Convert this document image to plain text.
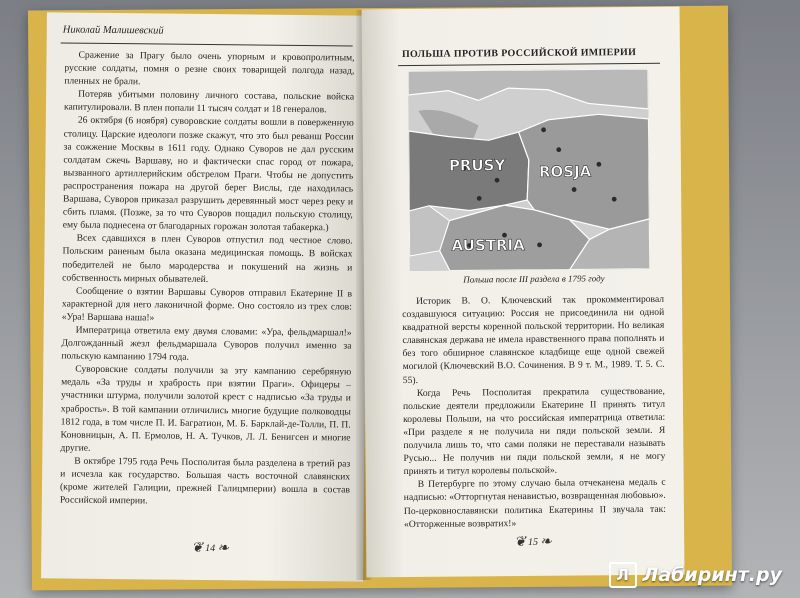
Николай Малишевский

Сражение за Прагу было очень упорным и кровопролитным, русские солдаты, помня о резне своих товарищей полгода назад, пленных не брали.

Потеряв убитыми половину личного состава, польские войска капитулировали. В плен попали 11 тысяч солдат и 18 генералов.

26 октября (6 ноября) суворовские солдаты вошли в поверженную столицу. Царские идеологи позже скажут, что это был реванш России за сожжение Москвы в 1611 году. Однако Суворов не дал русским солдатам сжечь Варшаву, но и фактически спас город от пожара, вызванного артиллерийским обстрелом Праги. Чтобы не допустить распространения пожара на другой берег Вислы, где находилась Варшава, Суворов приказал разрушить деревянный мост через реку и сбить пламя. (Позже, за то что Суворов пощадил польскую столицу, ему была поднесена от благодарных горожан золотая табакерка.)

Всех сдавшихся в плен Суворов отпустил под честное слово. Польским раненым была оказана медицинская помощь. В войсках победителей не было мародерства и покушений на жизнь и собственность мирных обывателей.

Сообщение о взятии Варшавы Суворов отправил Екатерине II в характерной для него лаконичной форме. Оно состояло из трех слов: «Ура! Варшава наша!»

Императрица ответила ему двумя словами: «Ура, фельдмаршал!» Долгожданный жезл фельдмаршала Суворов получил именно за польскую кампанию 1794 года.

Суворовские солдаты получили за эту кампанию серебряную медаль «За труды и храбрость при взятии Праги». Офицеры – участники штурма, получили золотой крест с надписью «За труды и храбрость». В той кампании отличились многие будущие полководцы 1812 года, в том числе П. И. Багратион, М. Б. Барклай-де-Толли, П. П. Коновницын, А. П. Ермолов, Н. А. Тучков, Л. Л. Бенигсен и многие другие.

В октябре 1795 года Речь Посполитая была разделена в третий раз и исчезла как государство. Большая часть восточной славянских (кроме жителей Галиции, прежней Галицмперии) вошла в состав Российской империи.

❦ 14 ❧
ПОЛЬША ПРОТИВ РОССИЙСКОЙ ИМПЕРИИ
PRUSY ROSJA
AUSTRIA
Польша после III раздела в 1795 году

Историк В. О. Ключевский так прокомментировал создавшуюся ситуацию: Россия не присоединила ни одной квадратной версты коренной польской территории. Но великая славянская держава не имела нравственного права пополнять и без того обширное славянское кладбище еще одной свежей могилой (Ключевский В.О. Сочинения. В 9 т. М., 1989. Т. 5. С. 55).

Когда Речь Посполитая прекратила существование, польские деятели предложили Екатерине II принять титул королевы Польши, на что российская императрица ответила: «При разделе я не получила ни пяди польской земли. Я получила лишь то, что сами поляки не переставали называть Русью... Не получив ни пяди польской земли, я не могу принять и титул королевы польской».

В Петербурге по этому случаю была отчеканена медаль с надписью: «Отторгнутая ненавистью, возвращенная любовью». По-церковнославянски политика Екатерины II звучала так: «Отторженные возвратих!»

❦ 15 ❧
Л Лабиринт.ру
